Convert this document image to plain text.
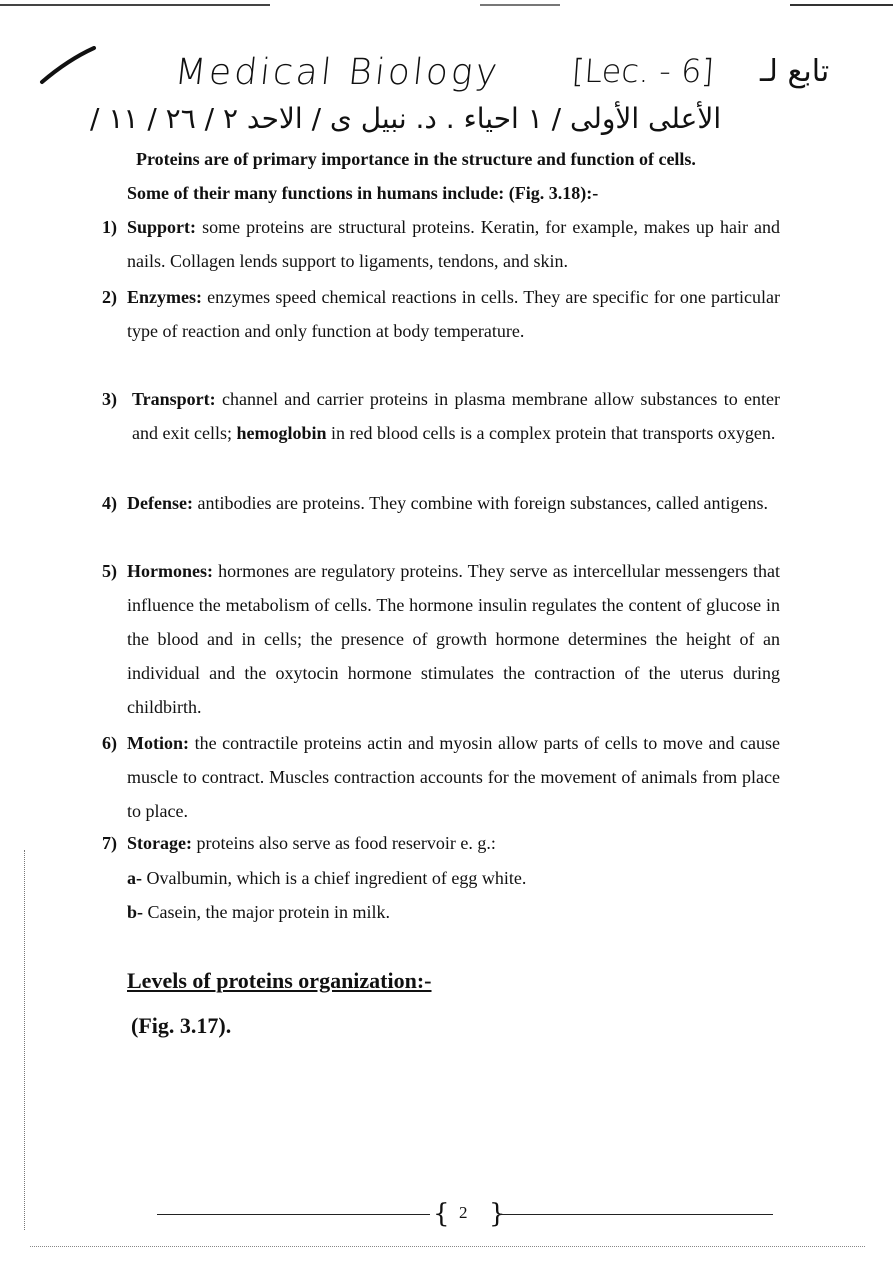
Medical Biology [Lec. - 6] تابع لـ
الأعلى الأولى / ١ احياء . د. نبيل ى / الاحد ٢ / ٢٦ / ١١ /
Proteins are of primary importance in the structure and function of cells.
Some of their many functions in humans include: (Fig. 3.18):-
1) Support: some proteins are structural proteins. Keratin, for example, makes up hair and nails. Collagen lends support to ligaments, tendons, and skin.
2) Enzymes: enzymes speed chemical reactions in cells. They are specific for one particular type of reaction and only function at body temperature.
3) Transport: channel and carrier proteins in plasma membrane allow substances to enter and exit cells; hemoglobin in red blood cells is a complex protein that transports oxygen.
4) Defense: antibodies are proteins. They combine with foreign substances, called antigens.
5) Hormones: hormones are regulatory proteins. They serve as intercellular messengers that influence the metabolism of cells. The hormone insulin regulates the content of glucose in the blood and in cells; the presence of growth hormone determines the height of an individual and the oxytocin hormone stimulates the contraction of the uterus during childbirth.
6) Motion: the contractile proteins actin and myosin allow parts of cells to move and cause muscle to contract. Muscles contraction accounts for the movement of animals from place to place.
7) Storage: proteins also serve as food reservoir e. g.:
a- Ovalbumin, which is a chief ingredient of egg white.
b- Casein, the major protein in milk.
Levels of proteins organization:-
(Fig. 3.17).
{ 2 }
